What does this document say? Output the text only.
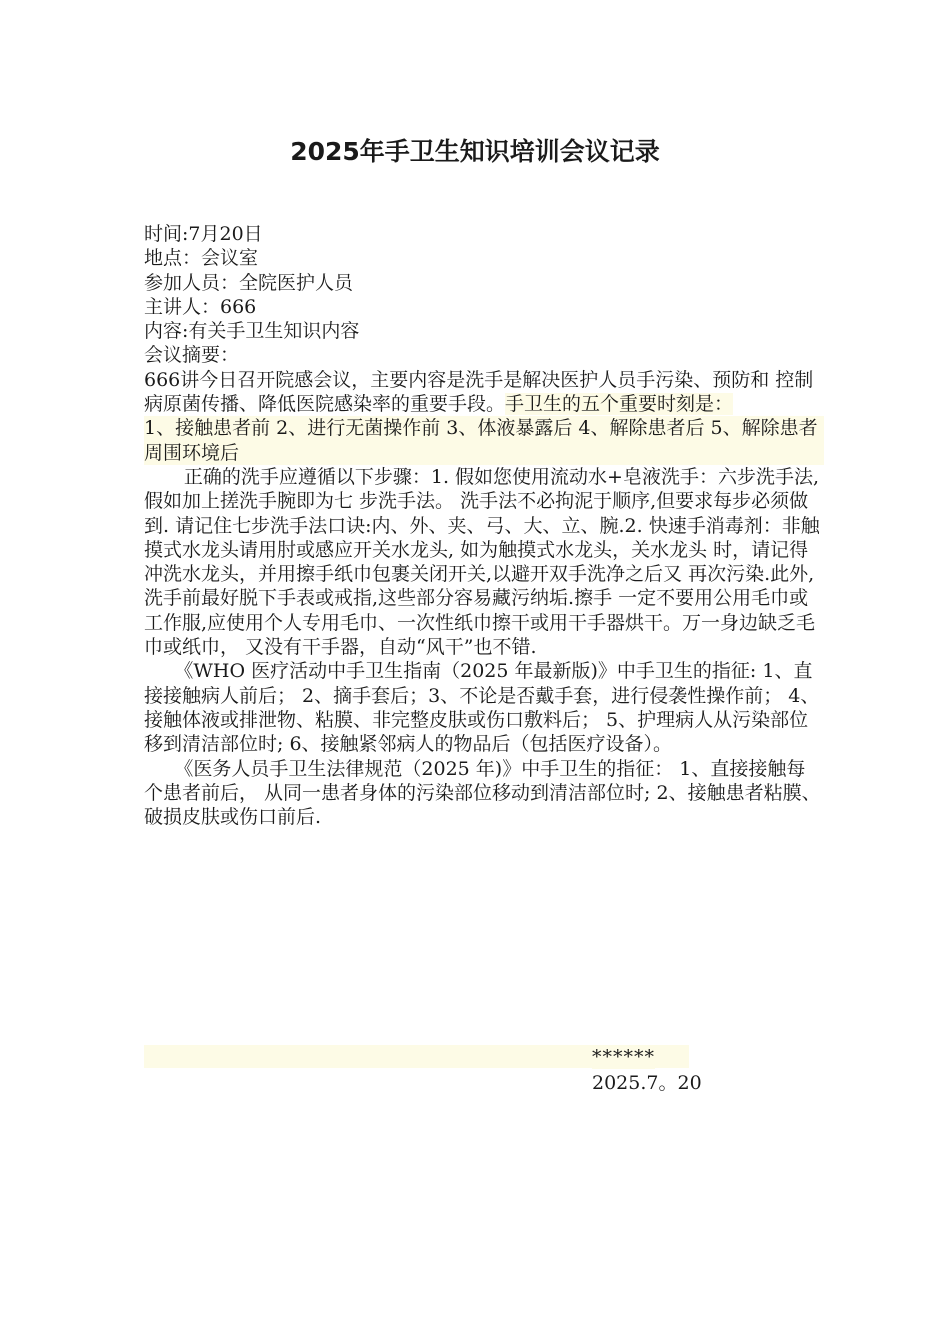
2025年手卫生知识培训会议记录

时间:7月20日

地点：会议室

参加人员：全院医护人员

主讲人：666

内容:有关手卫生知识内容

会议摘要：

666讲今日召开院感会议，主要内容是洗手是解决医护人员手污染、预防和 控制病原菌传播、降低医院感染率的重要手段。手卫生的五个重要时刻是：

1、接触患者前 2、进行无菌操作前 3、体液暴露后 4、解除患者后 5、解除患者周围环境后

正确的洗手应遵循以下步骤：1. 假如您使用流动水+皂液洗手：六步洗手法,假如加上搓洗手腕即为七 步洗手法。 洗手法不必拘泥于顺序,但要求每步必须做到. 请记住七步洗手法口诀:内、外、夹、弓、大、立、腕.2. 快速手消毒剂：非触摸式水龙头请用肘或感应开关水龙头, 如为触摸式水龙头，关水龙头 时，请记得冲洗水龙头，并用擦手纸巾包裹关闭开关,以避开双手洗净之后又 再次污染.此外,洗手前最好脱下手表或戒指,这些部分容易藏污纳垢.擦手 一定不要用公用毛巾或工作服,应使用个人专用毛巾、一次性纸巾擦干或用干手器烘干。万一身边缺乏毛巾或纸巾， 又没有干手器，自动“风干”也不错.

《WHO 医疗活动中手卫生指南（2025 年最新版)》中手卫生的指征: 1、直接接触病人前后； 2、摘手套后；3、不论是否戴手套，进行侵袭性操作前； 4、接触体液或排泄物、粘膜、非完整皮肤或伤口敷料后； 5、护理病人从污染部位移到清洁部位时; 6、接触紧邻病人的物品后（包括医疗设备）。

《医务人员手卫生法律规范（2025 年)》中手卫生的指征： 1、直接接触每个患者前后， 从同一患者身体的污染部位移动到清洁部位时; 2、接触患者粘膜、破损皮肤或伤口前后.

******
2025.7。20
